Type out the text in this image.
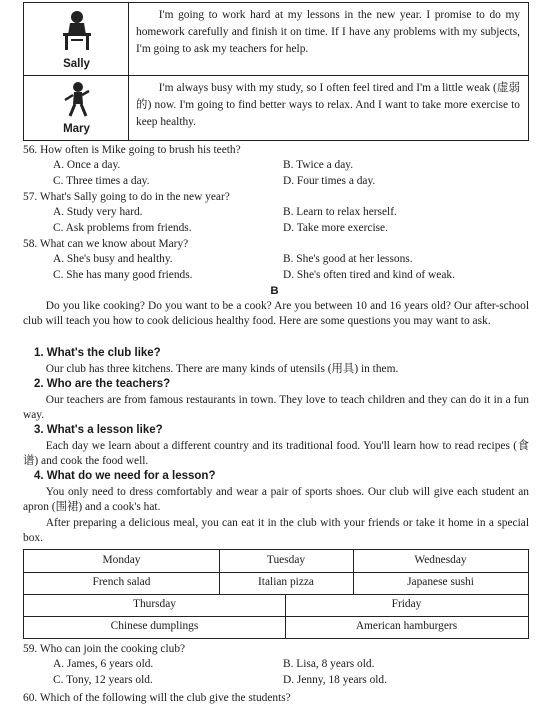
Sally
I'm going to work hard at my lessons in the new year. I promise to do my homework carefully and finish it on time. If I have any problems with my subjects, I'm going to ask my teachers for help.
Mary
I'm always busy with my study, so I often feel tired and I'm a little weak (虚弱的) now. I'm going to find better ways to relax. And I want to take more exercise to keep healthy.
56. How often is Mike going to brush his teeth?
A. Once a day.	B. Twice a day.
C. Three times a day.	D. Four times a day.
57. What's Sally going to do in the new year?
A. Study very hard.	B. Learn to relax herself.
C. Ask problems from friends.	D. Take more exercise.
58. What can we know about Mary?
A. She's busy and healthy.	B. She's good at her lessons.
C. She has many good friends.	D. She's often tired and kind of weak.
B
Do you like cooking? Do you want to be a cook? Are you between 10 and 16 years old? Our after-school club will teach you how to cook delicious healthy food. Here are some questions you may want to ask.
1. What's the club like?
Our club has three kitchens. There are many kinds of utensils (用具) in them.
2. Who are the teachers?
Our teachers are from famous restaurants in town. They love to teach children and they can do it in a fun way.
3. What's a lesson like?
Each day we learn about a different country and its traditional food. You'll learn how to read recipes (食谱) and cook the food well.
4. What do we need for a lesson?
You only need to dress comfortably and wear a pair of sports shoes. Our club will give each student an apron (围裙) and a cook's hat.
After preparing a delicious meal, you can eat it in the club with your friends or take it home in a special box.
Monday	Tuesday	Wednesday
French salad	Italian pizza	Japanese sushi
Thursday	Friday
Chinese dumplings	American hamburgers
59. Who can join the cooking club?
A. James, 6 years old.	B. Lisa, 8 years old.
C. Tony, 12 years old.	D. Jenny, 18 years old.
60. Which of the following will the club give the students?
